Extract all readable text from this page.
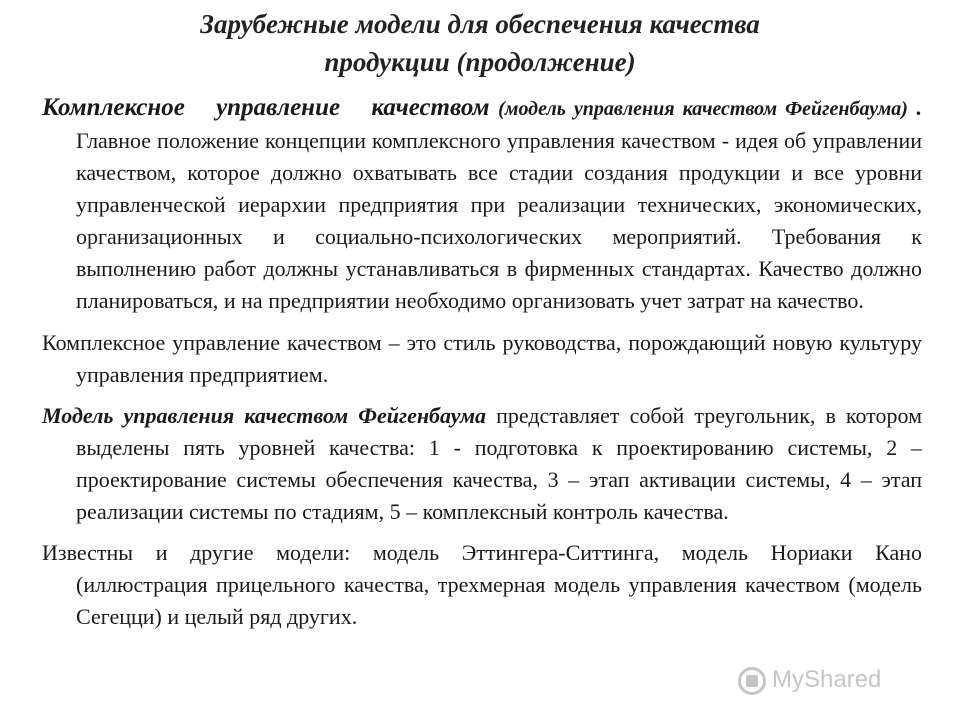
Зарубежные модели для обеспечения качества
продукции (продолжение)

Комплексное управление качеством (модель управления качеством Фейгенбаума) . Главное положение концепции комплексного управления качеством - идея об управлении качеством, которое должно охватывать все стадии создания продукции и все уровни управленческой иерархии предприятия при реализации технических, экономических, организационных и социально-психологических мероприятий. Требования к выполнению работ должны устанавливаться в фирменных стандартах. Качество должно планироваться, и на предприятии необходимо организовать учет затрат на качество.

Комплексное управление качеством – это стиль руководства, порождающий новую культуру управления предприятием.

Модель управления качеством Фейгенбаума представляет собой треугольник, в котором выделены пять уровней качества: 1 - подготовка к проектированию системы, 2 – проектирование системы обеспечения качества, 3 – этап активации системы, 4 – этап реализации системы по стадиям, 5 – комплексный контроль качества.

Известны и другие модели: модель Эттингера-Ситтинга, модель Нориаки Кано (иллюстрация прицельного качества, трехмерная модель управления качеством (модель Сегецци) и целый ряд других.

MyShared
